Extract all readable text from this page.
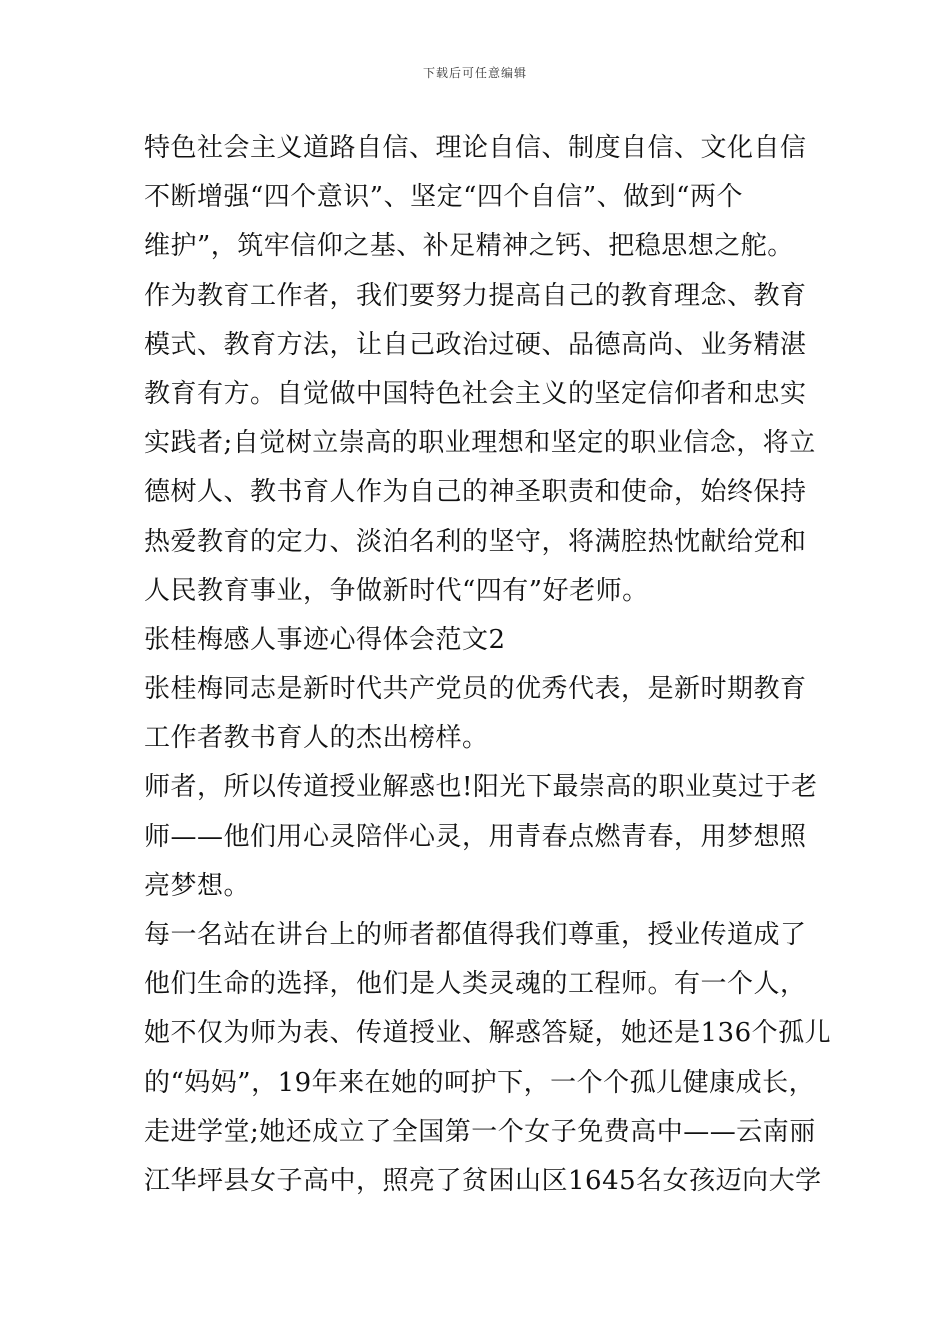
下载后可任意编辑
特色社会主义道路自信、理论自信、制度自信、文化自信
不断增强“四个意识”、坚定“四个自信”、做到“两个
维护”，筑牢信仰之基、补足精神之钙、把稳思想之舵。
作为教育工作者，我们要努力提高自己的教育理念、教育
模式、教育方法，让自己政治过硬、品德高尚、业务精湛
教育有方。自觉做中国特色社会主义的坚定信仰者和忠实
实践者;自觉树立崇高的职业理想和坚定的职业信念，将立
德树人、教书育人作为自己的神圣职责和使命，始终保持
热爱教育的定力、淡泊名利的坚守，将满腔热忱献给党和
人民教育事业，争做新时代“四有”好老师。
张桂梅感人事迹心得体会范文2
张桂梅同志是新时代共产党员的优秀代表，是新时期教育
工作者教书育人的杰出榜样。
师者，所以传道授业解惑也!阳光下最崇高的职业莫过于老
师——他们用心灵陪伴心灵，用青春点燃青春，用梦想照
亮梦想。
每一名站在讲台上的师者都值得我们尊重，授业传道成了
他们生命的选择，他们是人类灵魂的工程师。有一个人，
她不仅为师为表、传道授业、解惑答疑，她还是136个孤儿
的“妈妈”，19年来在她的呵护下，一个个孤儿健康成长，
走进学堂;她还成立了全国第一个女子免费高中——云南丽
江华坪县女子高中，照亮了贫困山区1645名女孩迈向大学
